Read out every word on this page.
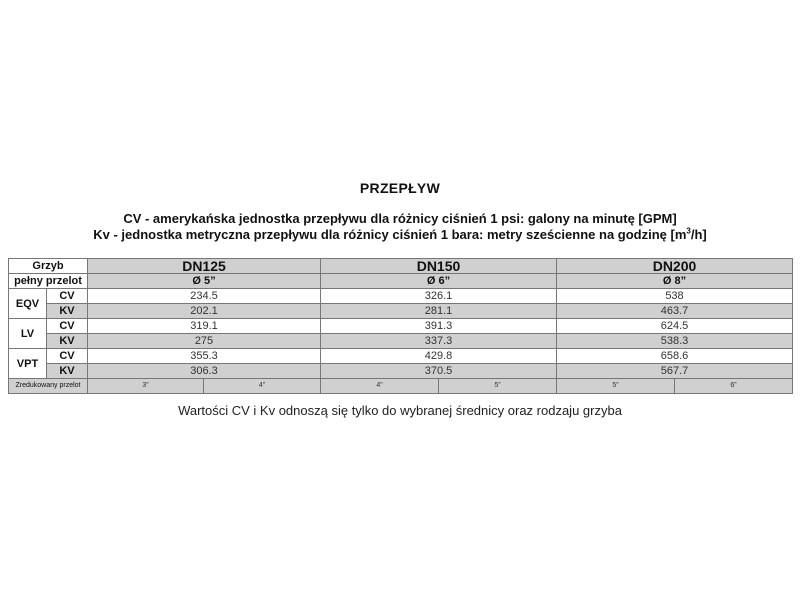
PRZEPŁYW
CV - amerykańska jednostka przepływu dla różnicy ciśnień 1 psi: galony na minutę [GPM]
Kv - jednostka metryczna przepływu dla różnicy ciśnień 1 bara: metry sześcienne na godzinę $[m^3/h]$
Grzyb		DN125		DN150		DN200	
pełny przelot		Ø 5”		Ø 6”		Ø 8”	
EQV	CV	234.5		326.1		538	
	KV	202.1		281.1		463.7	
LV	CV	319.1		391.3		624.5	
	KV	275		337.3		538.3	
VPT	CV	355.3		429.8		658.6	
	KV	306.3		370.5		567.7	
Zredukowany przelot		3”	4”	4”	5”	5”	6”
Wartości CV i Kv odnoszą się tylko do wybranej średnicy oraz rodzaju grzyba
